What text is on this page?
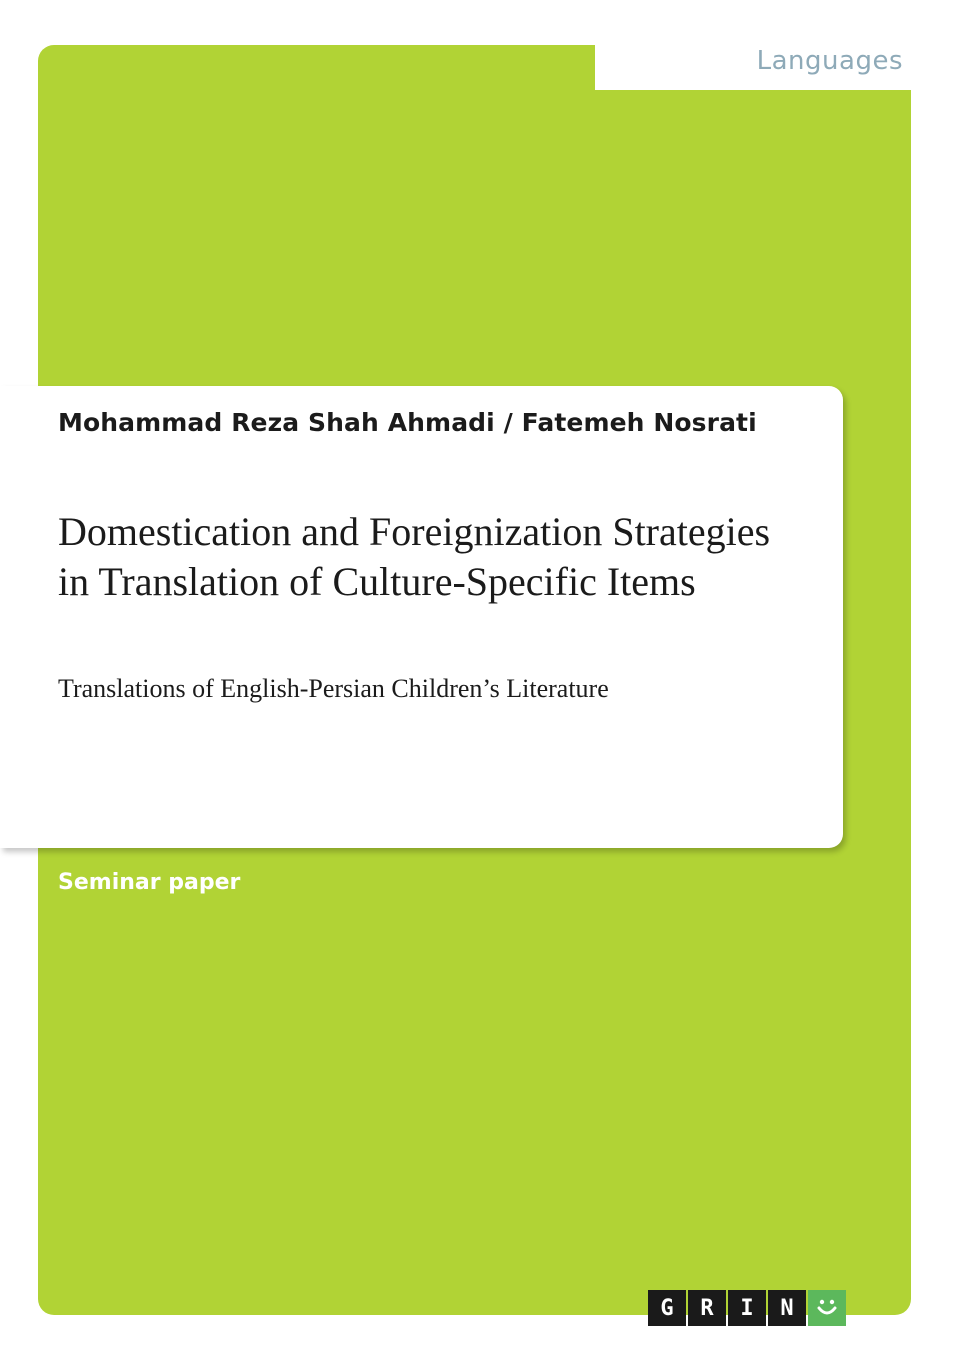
Languages
Mohammad Reza Shah Ahmadi / Fatemeh Nosrati
Domestication and Foreignization Strategies
in Translation of Culture-Specific Items
Translations of English-Persian Children’s Literature
Seminar paper
G	R	I	N
